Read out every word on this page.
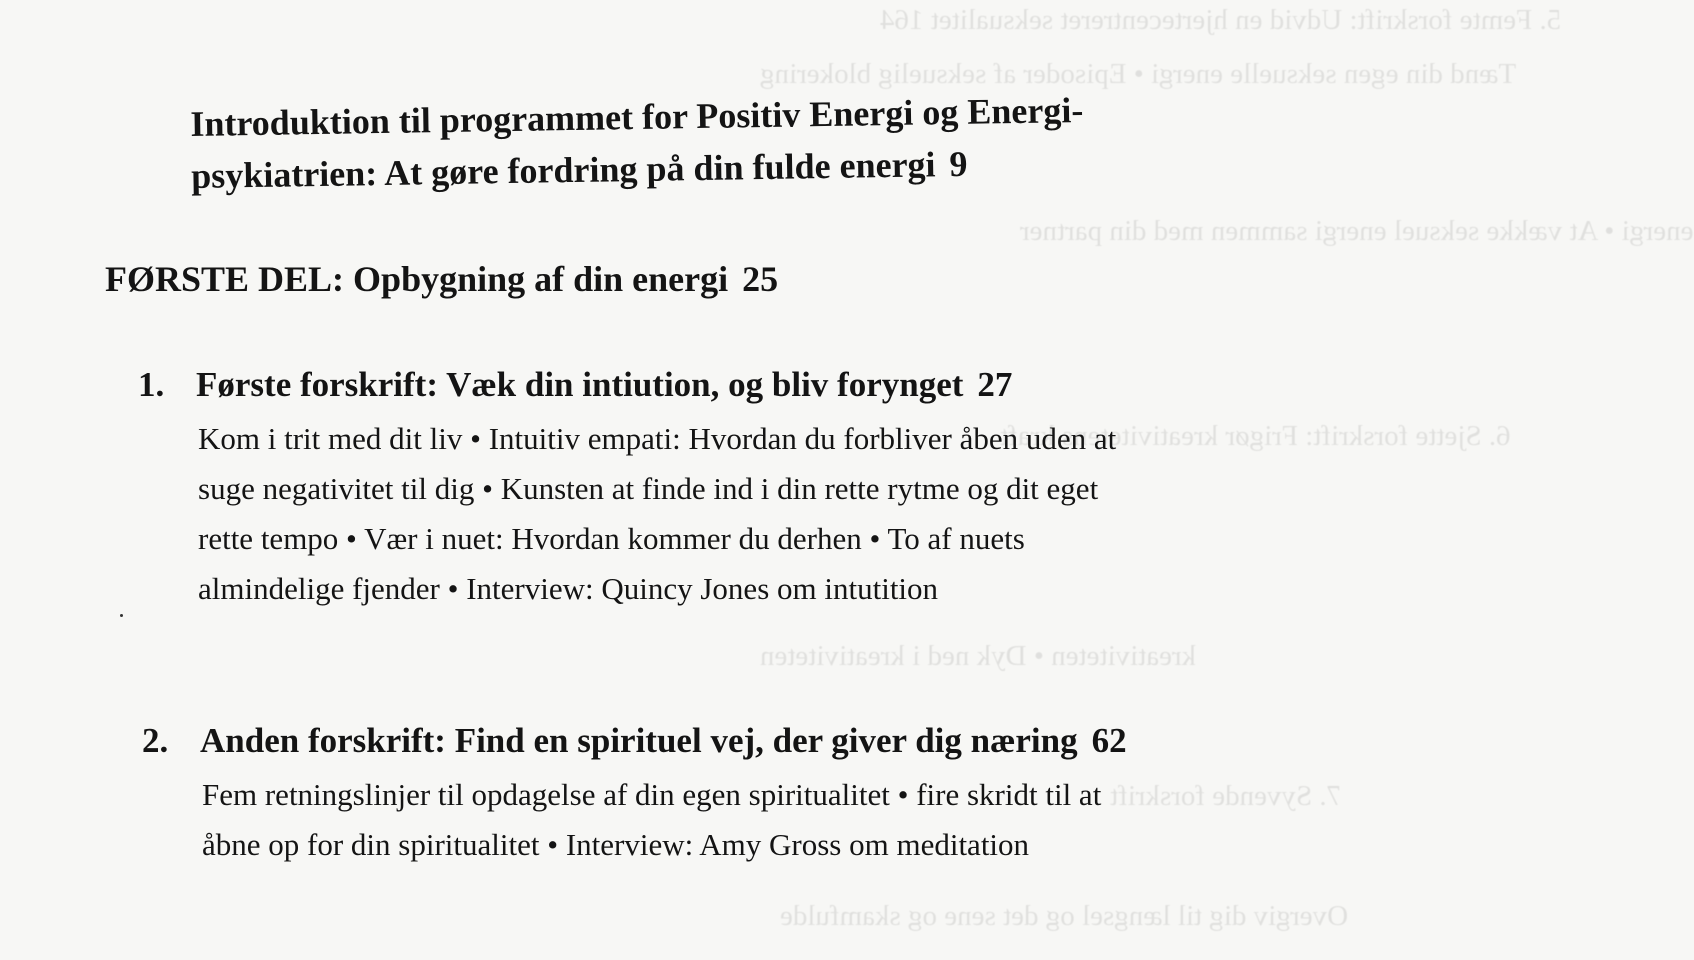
5. Femte forskrift: Udvid en hjertecentreret seksualitet 164
Tænd din egen seksuelle energi • Episoder af seksuelig blokering
energi • At vække seksuel energi sammen med din partner
6. Sjette forskrift: Frigør kreativitetens kraft
kreativiteten • Dyk ned i kreativiteten
7. Syvende forskrift
Overgiv dig til længsel og det sene og skamfulde
Introduktion til programmet for Positiv Energi og Energi-psykiatrien: At gøre fordring på din fulde energi 9
FØRSTE DEL: Opbygning af din energi 25
1. Første forskrift: Væk din intiution, og bliv forynget 27
Kom i trit med dit liv • Intuitiv empati: Hvordan du forbliver åben uden at suge negativitet til dig • Kunsten at finde ind i din rette rytme og dit eget rette tempo • Vær i nuet: Hvordan kommer du derhen • To af nuets almindelige fjender • Interview: Quincy Jones om intutition
2. Anden forskrift: Find en spirituel vej, der giver dig næring 62
Fem retningslinjer til opdagelse af din egen spiritualitet • fire skridt til at åbne op for din spiritualitet • Interview: Amy Gross om meditation
